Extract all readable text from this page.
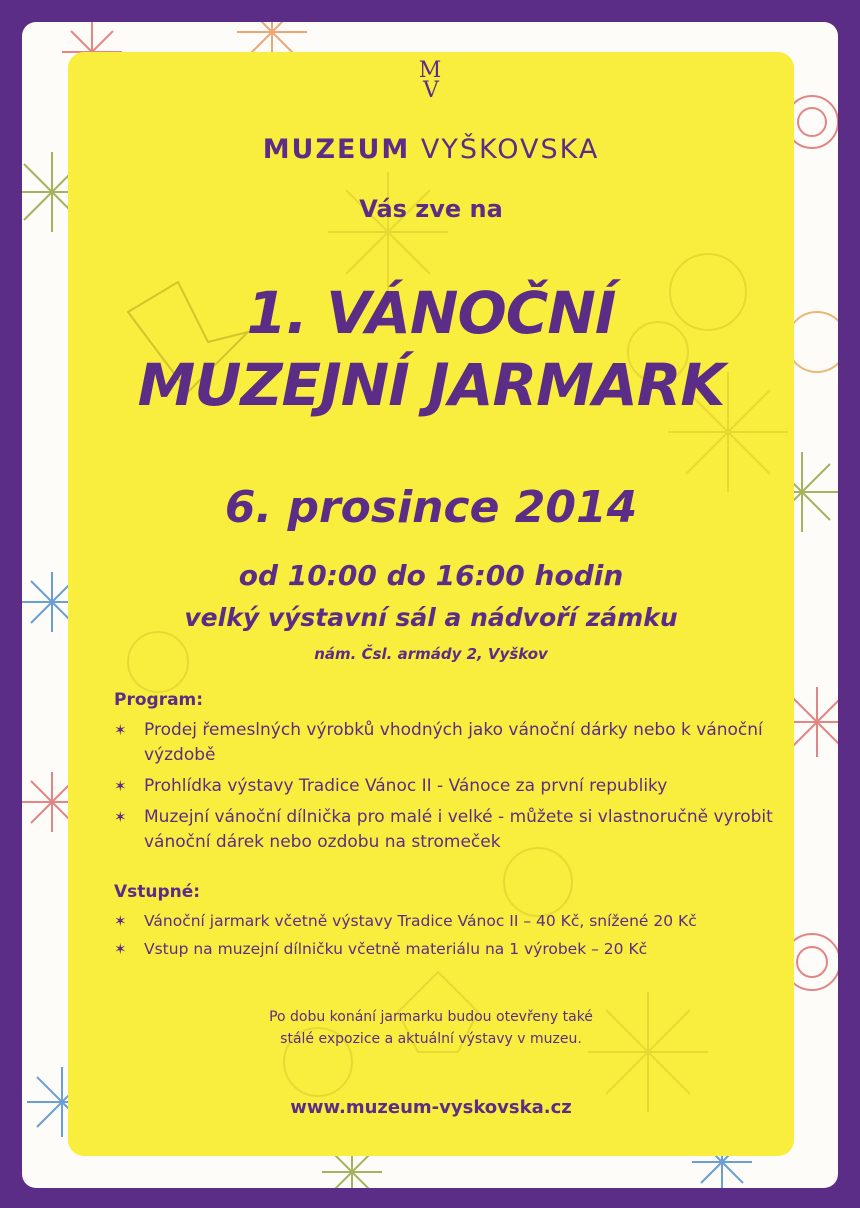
M
V
MUZEUM VYŠKOVSKA
Vás zve na
1. VÁNOČNÍ
MUZEJNÍ JARMARK
6. prosince 2014
od 10:00 do 16:00 hodin
velký výstavní sál a nádvoří zámku
nám. Čsl. armády 2, Vyškov
Program:
✶ Prodej řemeslných výrobků vhodných jako vánoční dárky nebo k vánoční výzdobě
✶ Prohlídka výstavy Tradice Vánoc II - Vánoce za první republiky
✶ Muzejní vánoční dílnička pro malé i velké - můžete si vlastnoručně vyrobit vánoční dárek nebo ozdobu na stromeček
Vstupné:
✶ Vánoční jarmark včetně výstavy Tradice Vánoc II – 40 Kč, snížené 20 Kč
✶ Vstup na muzejní dílničku včetně materiálu na 1 výrobek – 20 Kč
Po dobu konání jarmarku budou otevřeny také
stálé expozice a aktuální výstavy v muzeu.
www.muzeum-vyskovska.cz
